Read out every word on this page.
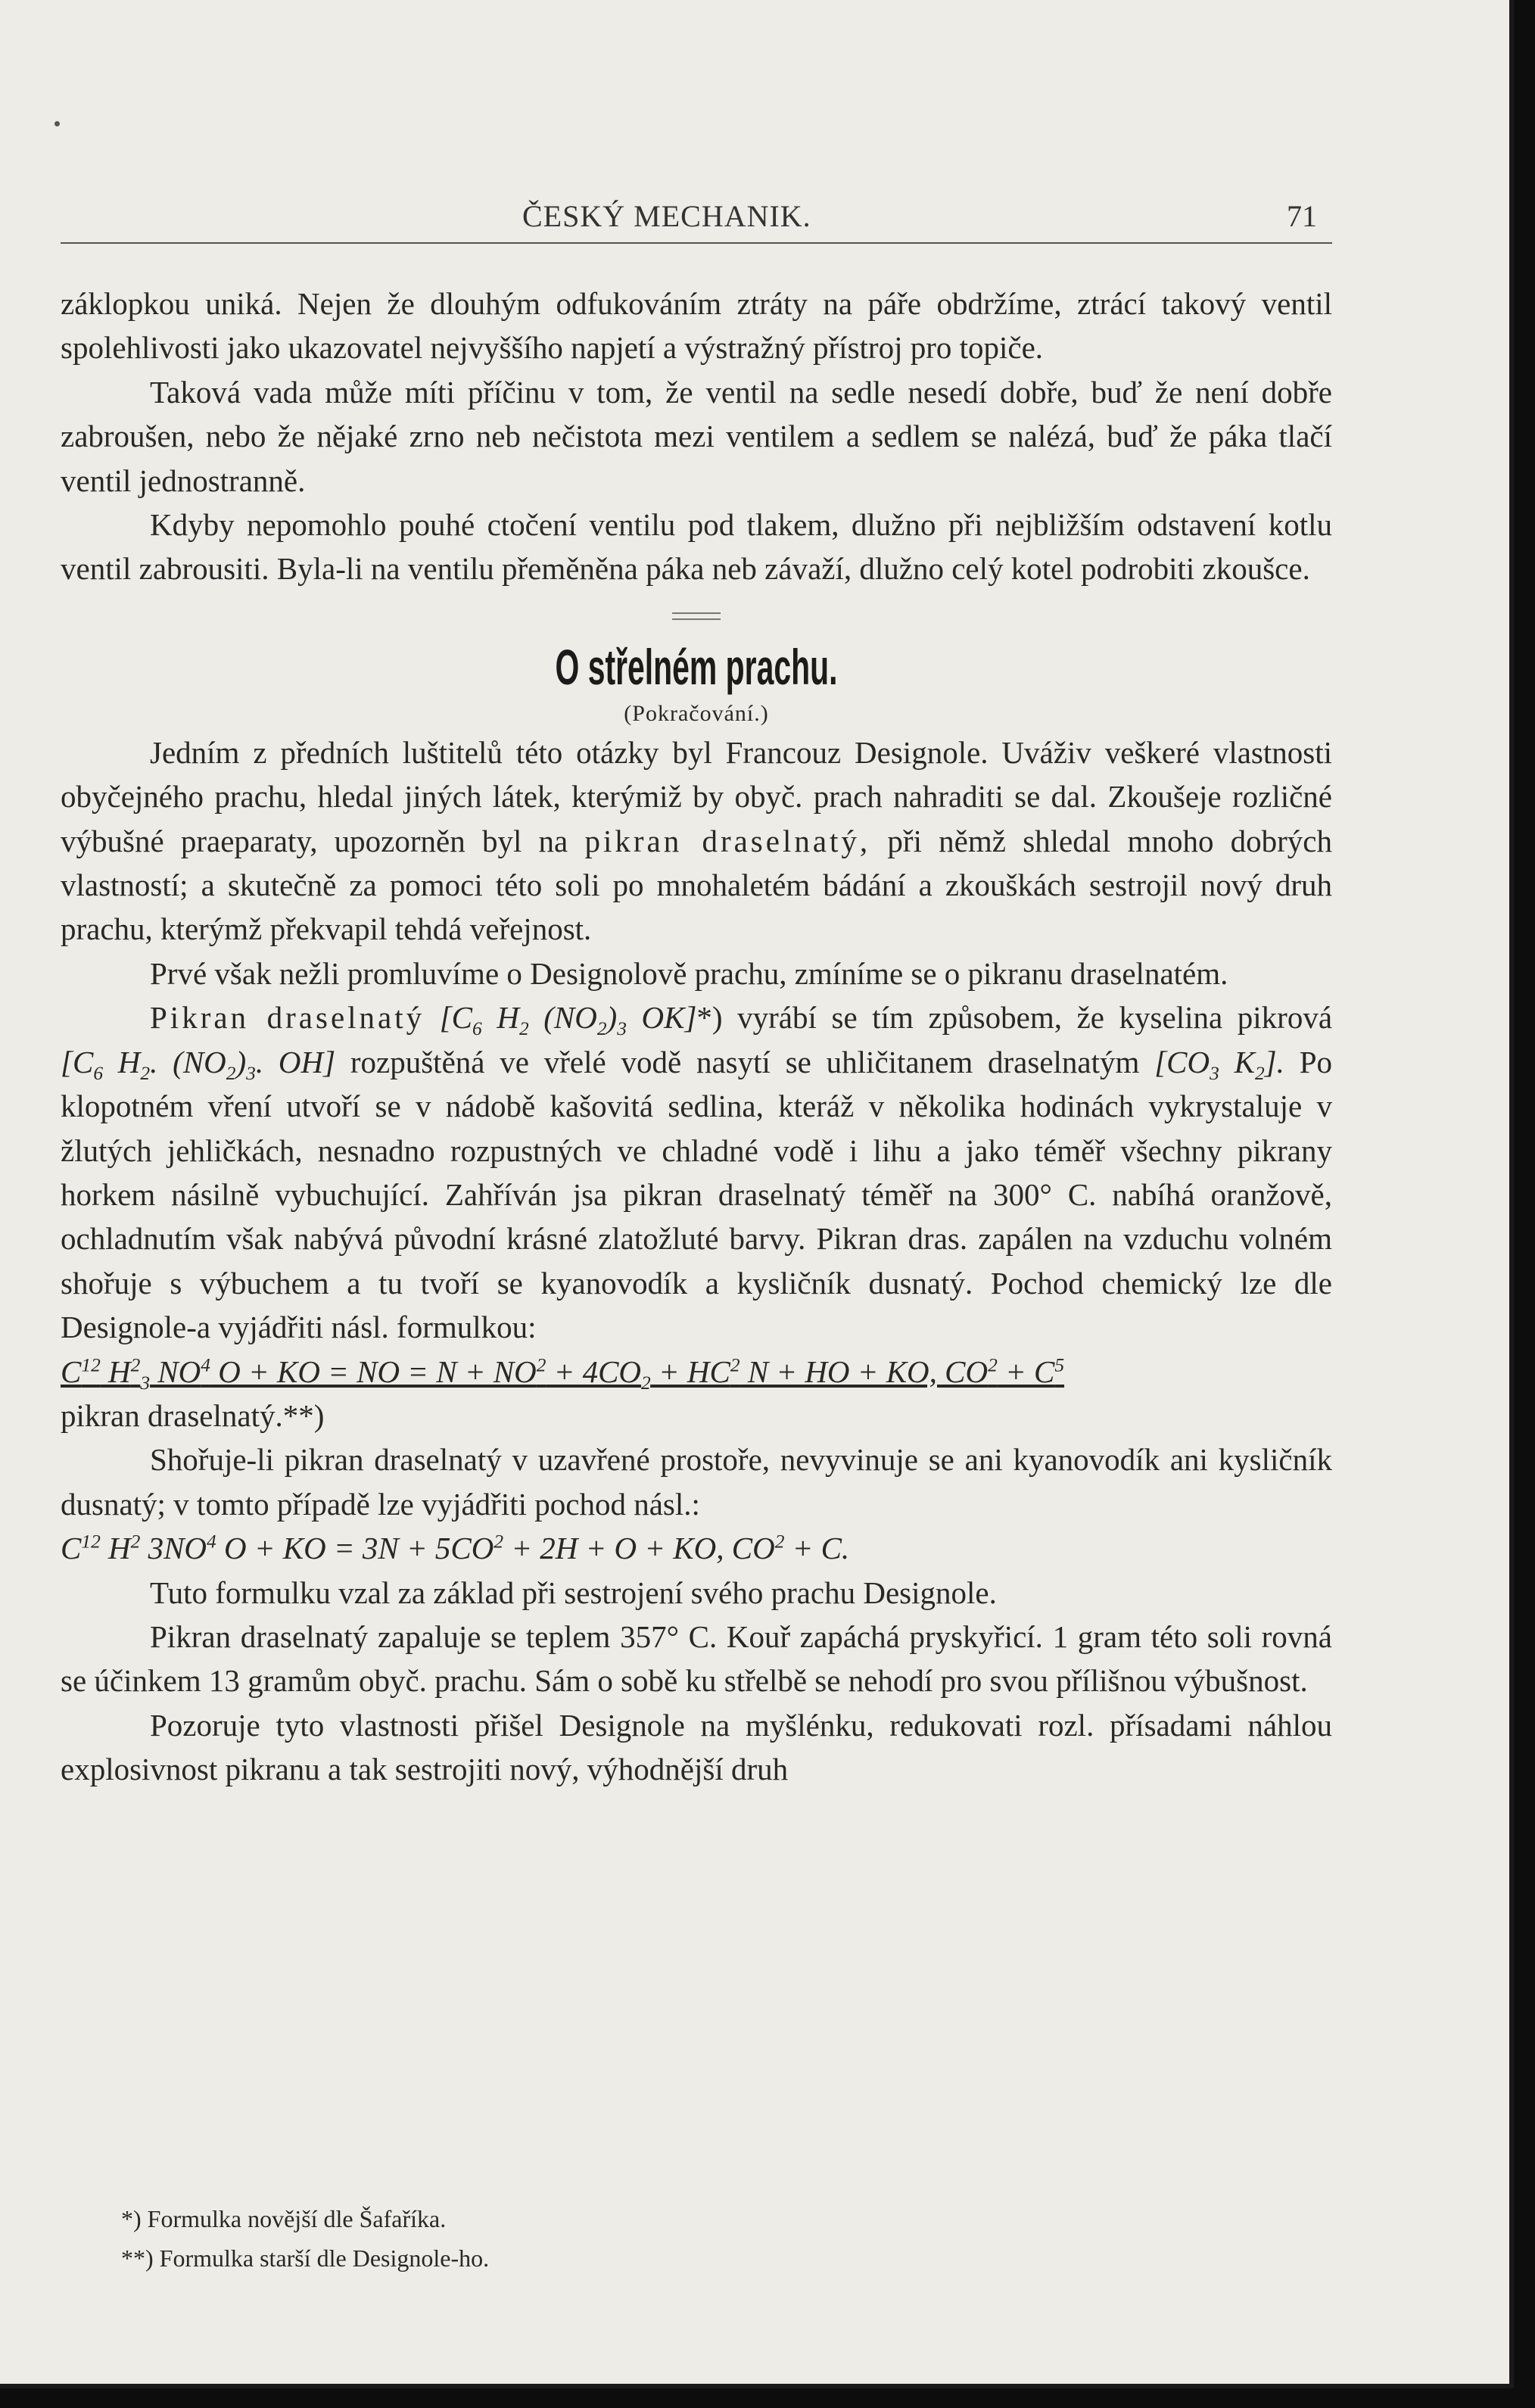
ČESKÝ MECHANIK.	71

záklopkou uniká. Nejen že dlouhým odfukováním ztráty na páře obdržíme, ztrácí takový ventil spolehlivosti jako ukazovatel nejvyššího napjetí a výstražný přístroj pro topiče.

Taková vada může míti příčinu v tom, že ventil na sedle nesedí dobře, buď že není dobře zabroušen, nebo že nějaké zrno neb nečistota mezi ventilem a sedlem se nalézá, buď že páka tlačí ventil jednostranně.

Kdyby nepomohlo pouhé ctočení ventilu pod tlakem, dlužno při nejbližším odstavení kotlu ventil zabrousiti. Byla-li na ventilu přeměněna páka neb závaží, dlužno celý kotel podrobiti zkoušce.

O střelném prachu.
(Pokračování.)

Jedním z předních luštitelů této otázky byl Francouz Designole. Uváživ veškeré vlastnosti obyčejného prachu, hledal jiných látek, kterýmiž by obyč. prach nahraditi se dal. Zkoušeje rozličné výbušné praeparaty, upozorněn byl na pikran draselnatý, při němž shledal mnoho dobrých vlastností; a skutečně za pomoci této soli po mnohaletém bádání a zkouškách sestrojil nový druh prachu, kterýmž překvapil tehdá veřejnost.

Prvé však nežli promluvíme o Designolově prachu, zmíníme se o pikranu draselnatém.

Pikran draselnatý [$C_6$ $H_2$ $(NO_2)_3$ OK]*) vyrábí se tím způsobem, že kyselina pikrová [$C_6$ $H_2$. $(NO_2)_3$. OH] rozpuštěná ve vřelé vodě nasytí se uhličitanem draselnatým [$CO_3$ $K_2$]. Po klopotném vření utvoří se v nádobě kašovitá sedlina, kteráž v několika hodinách vykrystaluje v žlutých jehličkách, nesnadno rozpustných ve chladné vodě i lihu a jako téměř všechny pikrany horkem násilně vybuchující. Zahříván jsa pikran draselnatý téměř na 300° C. nabíhá oranžově, ochladnutím však nabývá původní krásné zlatožluté barvy. Pikran dras. zapálen na vzduchu volném shořuje s výbuchem a tu tvoří se kyanovodík a kysličník dusnatý. Pochod chemický lze dle Designole-a vyjádřiti násl. formulkou:

$C^{12}$ $H^2_3$ $NO^4$ O + KO = NO = $N + NO^2 + 4CO_2 + HC^2$ N + HO + KO, $CO^2 + C^5$

pikran draselnatý.**)

Shořuje-li pikran draselnatý v uzavřené prostoře, nevyvinuje se ani kyanovodík ani kysličník dusnatý; v tomto případě lze vyjádřiti pochod násl.:

$C^{12}$ $H^2$ $3NO^4$ O + KO = $3N + 5CO^2 + 2H + O$ + KO, $CO^2 + C$.

Tuto formulku vzal za základ při sestrojení svého prachu Designole.

Pikran draselnatý zapaluje se teplem 357° C. Kouř zapáchá pryskyřicí. 1 gram této soli rovná se účinkem 13 gramům obyč. prachu. Sám o sobě ku střelbě se nehodí pro svou přílišnou výbušnost.

Pozoruje tyto vlastnosti přišel Designole na myšlénku, redukovati rozl. přísadami náhlou explosivnost pikranu a tak sestrojiti nový, výhodnější druh

*) Formulka novější dle Šafaříka.

**) Formulka starší dle Designole-ho.
